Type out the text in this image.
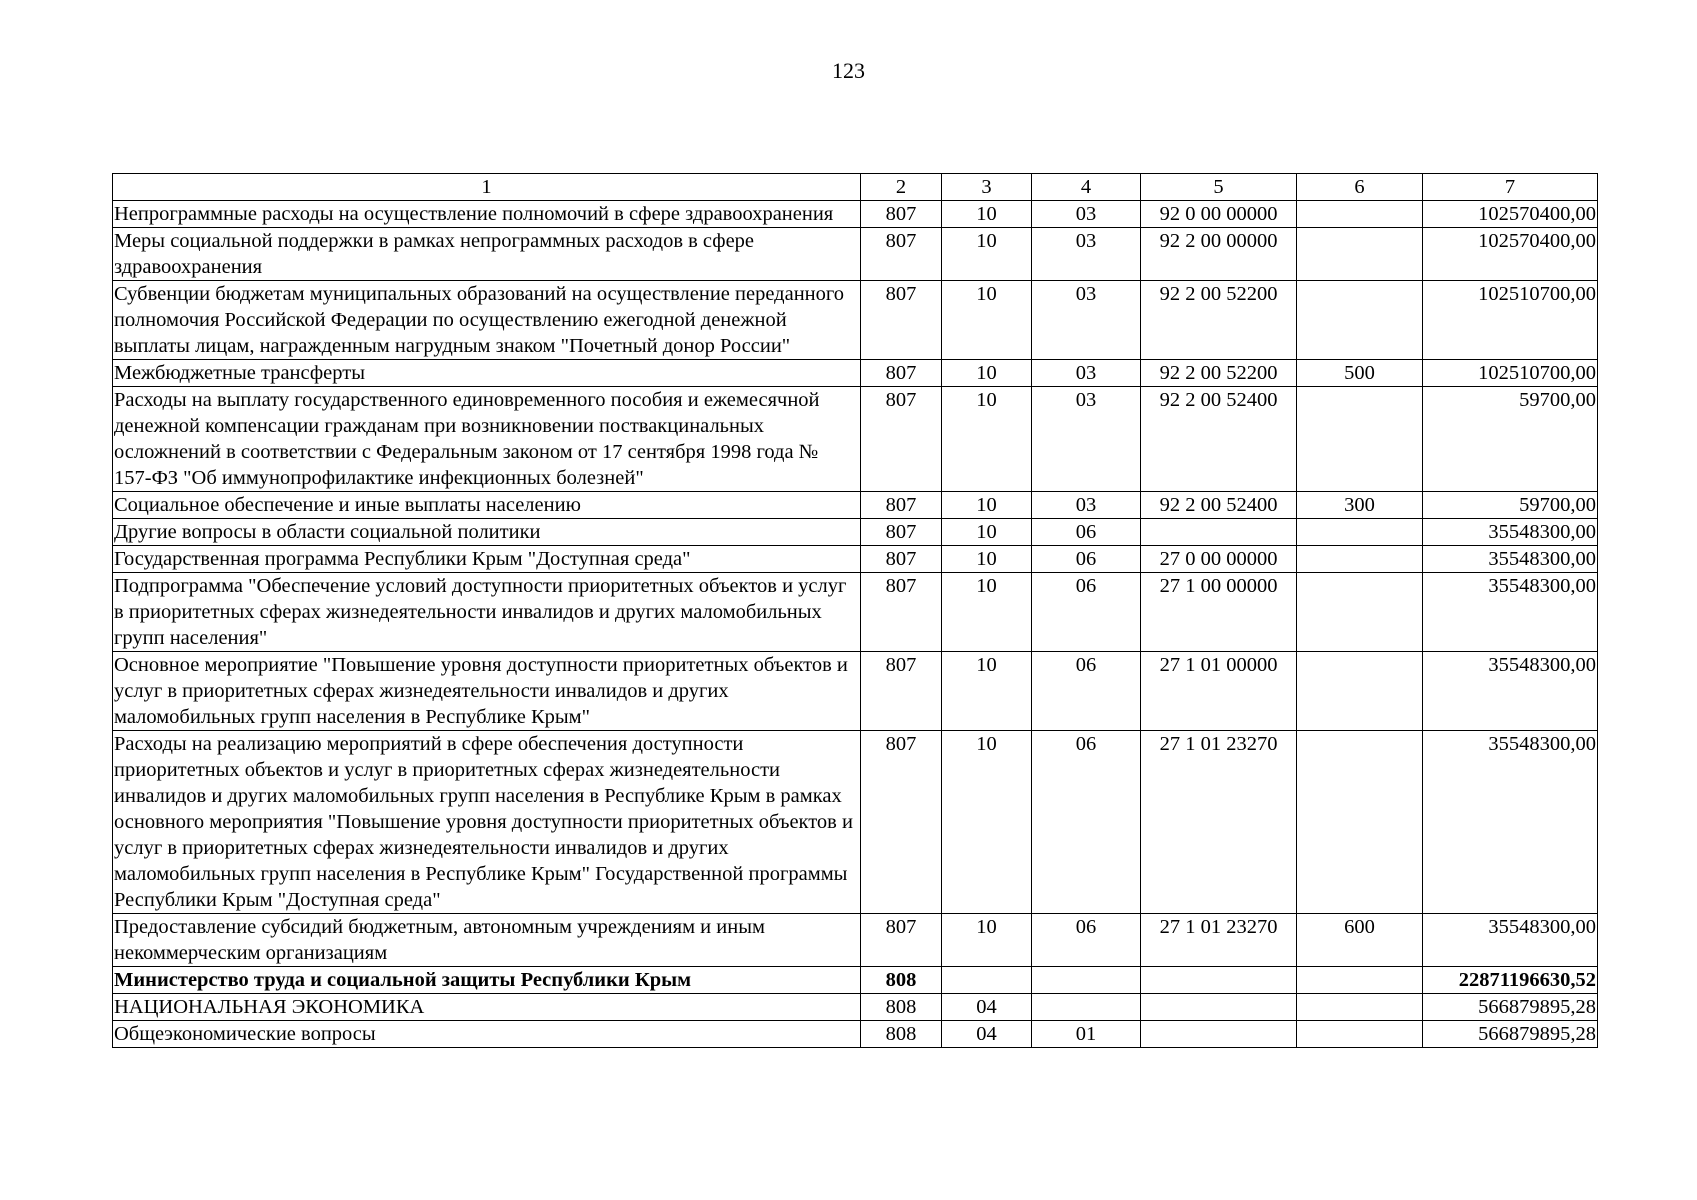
123
1	2	3	4	5	6	7
Непрограммные расходы на осуществление полномочий в сфере здравоохранения	807	10	03	92 0 00 00000		102570400,00
Меры социальной поддержки в рамках непрограммных расходов в сфере здравоохранения	807	10	03	92 2 00 00000		102570400,00
Субвенции бюджетам муниципальных образований на осуществление переданного полномочия Российской Федерации по осуществлению ежегодной денежной выплаты лицам, награжденным нагрудным знаком "Почетный донор России"	807	10	03	92 2 00 52200		102510700,00
Межбюджетные трансферты	807	10	03	92 2 00 52200	500	102510700,00
Расходы на выплату государственного единовременного пособия и ежемесячной денежной компенсации гражданам при возникновении поствакцинальных осложнений в соответствии с Федеральным законом от 17 сентября 1998 года № 157-ФЗ "Об иммунопрофилактике инфекционных болезней"	807	10	03	92 2 00 52400		59700,00
Социальное обеспечение и иные выплаты населению	807	10	03	92 2 00 52400	300	59700,00
Другие вопросы в области социальной политики	807	10	06			35548300,00
Государственная программа Республики Крым "Доступная среда"	807	10	06	27 0 00 00000		35548300,00
Подпрограмма "Обеспечение условий доступности приоритетных объектов и услуг в приоритетных сферах жизнедеятельности инвалидов и других маломобильных групп населения"	807	10	06	27 1 00 00000		35548300,00
Основное мероприятие "Повышение уровня доступности приоритетных объектов и услуг в приоритетных сферах жизнедеятельности инвалидов и других маломобильных групп населения в Республике Крым"	807	10	06	27 1 01 00000		35548300,00
Расходы на реализацию мероприятий в сфере обеспечения доступности приоритетных объектов и услуг в приоритетных сферах жизнедеятельности инвалидов и других маломобильных групп населения в Республике Крым в рамках основного мероприятия "Повышение уровня доступности приоритетных объектов и услуг в приоритетных сферах жизнедеятельности инвалидов и других маломобильных групп населения в Республике Крым" Государственной программы Республики Крым "Доступная среда"	807	10	06	27 1 01 23270		35548300,00
Предоставление субсидий бюджетным, автономным учреждениям и иным некоммерческим организациям	807	10	06	27 1 01 23270	600	35548300,00
Министерство труда и социальной защиты Республики Крым	808					22871196630,52
НАЦИОНАЛЬНАЯ ЭКОНОМИКА	808	04				566879895,28
Общеэкономические вопросы	808	04	01			566879895,28
